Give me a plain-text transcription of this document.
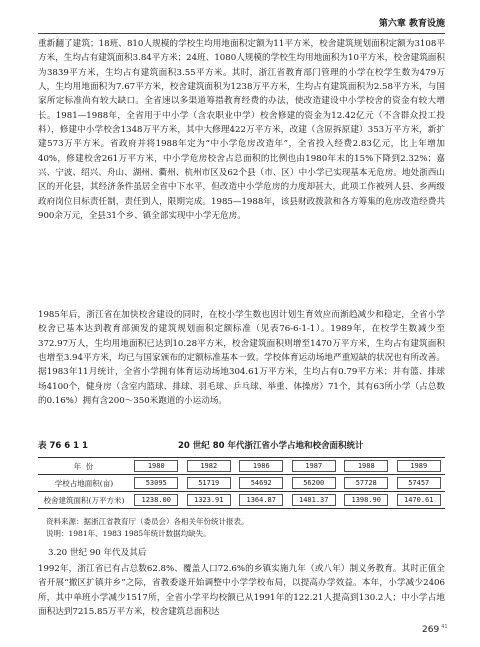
第六章 教育设施
重新翻了建筑；18班、810人规模的学校生均用地面积定额为11平方米，校舍建筑规划面积定额为3108平方米，生均占有建筑面积3.84平方米；24班、1080人规模的学校生均用地面积为10平方米，校舍建筑面积为3839平方米，生均占有建筑面积3.55平方米。其时，浙江省教育部门管理的小学在校学生数为479万人，生均用地面积为7.67平方米，校舍建筑面积为1238万平方米，生均占有建筑面积为2.58平方米，与国家所定标准尚有较大缺口。全省速以多渠道筹措教育经费的办法，使改造建设中小学校舍的资金有较大增长。1981—1988年，全省用于中小学（含农职业中学）校舍修建的资金为12.42亿元（不含群众投工投料），修建中小学校舍1348万平方米，其中大修理422万平方米，改建（含原拆原建）353万平方米，新扩建573万平方米。省政府并将1988年定为“中小学危房改造年”，全省投入经费2.83亿元，比上年增加40%，修建校舍261万平方米，中小学危房校舍占总面积的比例也由1980年末的15%下降到2.32%；嘉兴、宁波、绍兴、舟山、湖州、衢州、杭州市区及62个县（市、区）中小学已实现基本无危房。地处浙西山区的开化县，其经济条件虽居全省中下水平，但改造中小学危房的力度却甚大，此项工作被列人县、乡两级政府岗位目标责任制，责任到人，限期完成。1985—1988年，该县财政拨款和各方筹集的危房改造经费共900余万元，全县31个乡、镇全部实现中小学无危房。
1985年后，浙江省在加快校舍建设的同时，在校小学生数也因计划生育效应而渐趋减少和稳定，全省小学校舍已基本达到教育部颁发的建筑规划面积定额标准（见表76-6-1-1）。1989年，在校学生数减少至372.97万人，生均用地面积已达到10.28平方米，校舍建筑面积则增至1470万平方米，生均占有建筑面积也增至3.94平方米，均已与国家颁布的定额标准基本一致。学校体育运动场地严重短缺的状况也有所改善。据1983年11月统计，全省小学拥有体育运动场地304.61万平方米，生均占有0.79平方米；并有篮、排球场4100个，健身房（含室内篮球、排球、羽毛球、乒乓球、举重、体操房）71个，其有63所小学（占总数的0.16%）拥有含200～350米跑道的小运动场。
表 76 6 1 1	20 世纪 80 年代浙江省小学占地和校舍面积统计
年 份	1980	1982	1986	1987	1988	1989
学校占地面积(亩)	53095	51719	54692	56200	57728	57457
校舍建筑面积(万平方米)	1238.00	1323.91	1364.87	1401.37	1398.90	1470.61
资料来源：据浙江省教育厅（委员会）各相关年份统计报表。
说明：1981年、1983 1985年统计数据均缺失。
3.20 世纪 90 年代及其后
1992年，浙江省已有占总数62.8%、覆盖人口72.6%的乡镇实施九年（或八年）制义务教育。其时正值全省开展“撤区扩镇并乡”之际，省教委遂开始调整中小学学校布局，以提高办学效益。本年，小学减少2406所，其中单班小学减少1517所，全省小学平均校额已从1991年的122.21人提高到130.2人；中小学占地面积达到7215.85万平方米，校舍建筑总面积达
269 $^{41}$
